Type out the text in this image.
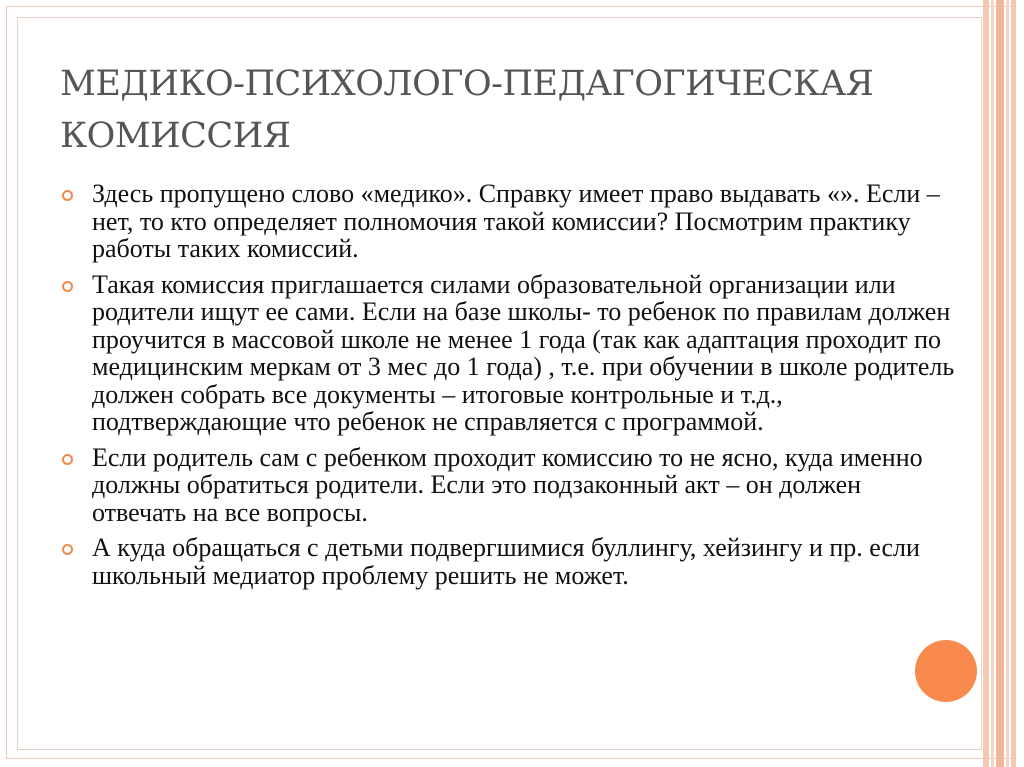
МЕДИКО-ПСИХОЛОГО-ПЕДАГОГИЧЕСКАЯ КОМИССИЯ
Здесь пропущено слово «медико». Справку имеет право выдавать «». Если – нет, то кто определяет полномочия такой комиссии? Посмотрим практику работы таких комиссий.
Такая комиссия приглашается силами образовательной организации или родители ищут ее сами. Если на базе школы- то ребенок по правилам должен проучится в массовой школе не менее 1 года (так как адаптация проходит по медицинским меркам от 3 мес до 1 года) , т.е. при обучении в школе родитель должен собрать все документы – итоговые контрольные и т.д., подтверждающие что ребенок не справляется с программой.
Если родитель сам с ребенком проходит комиссию то не ясно, куда именно должны обратиться родители. Если это подзаконный акт – он должен отвечать на все вопросы.
А куда обращаться с детьми подвергшимися буллингу, хейзингу и пр. если школьный медиатор проблему решить не может.
